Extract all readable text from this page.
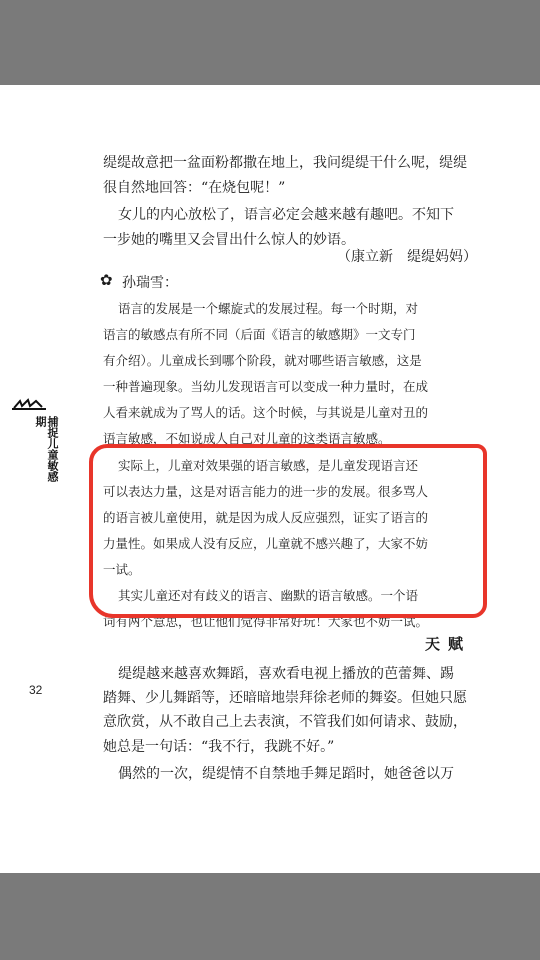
捕捉儿童敏感期
32
缇缇故意把一盆面粉都撒在地上，我问缇缇干什么呢，缇缇
很自然地回答：“在烧包呢！”
女儿的内心放松了，语言必定会越来越有趣吧。不知下
一步她的嘴里又会冒出什么惊人的妙语。
（康立新　缇缇妈妈）
✿ 孙瑞雪：
语言的发展是一个螺旋式的发展过程。每一个时期，对
语言的敏感点有所不同（后面《语言的敏感期》一文专门
有介绍）。儿童成长到哪个阶段，就对哪些语言敏感，这是
一种普遍现象。当幼儿发现语言可以变成一种力量时，在成
人看来就成为了骂人的话。这个时候，与其说是儿童对丑的
语言敏感，不如说成人自己对儿童的这类语言敏感。
实际上，儿童对效果强的语言敏感，是儿童发现语言还
可以表达力量，这是对语言能力的进一步的发展。很多骂人
的语言被儿童使用，就是因为成人反应强烈，证实了语言的
力量性。如果成人没有反应，儿童就不感兴趣了，大家不妨
一试。
其实儿童还对有歧义的语言、幽默的语言敏感。一个语
词有两个意思，也让他们觉得非常好玩！大家也不妨一试。
天赋
缇缇越来越喜欢舞蹈，喜欢看电视上播放的芭蕾舞、踢
踏舞、少儿舞蹈等，还暗暗地崇拜徐老师的舞姿。但她只愿
意欣赏，从不敢自己上去表演，不管我们如何请求、鼓励，
她总是一句话：“我不行，我跳不好。”
偶然的一次，缇缇情不自禁地手舞足蹈时，她爸爸以万
